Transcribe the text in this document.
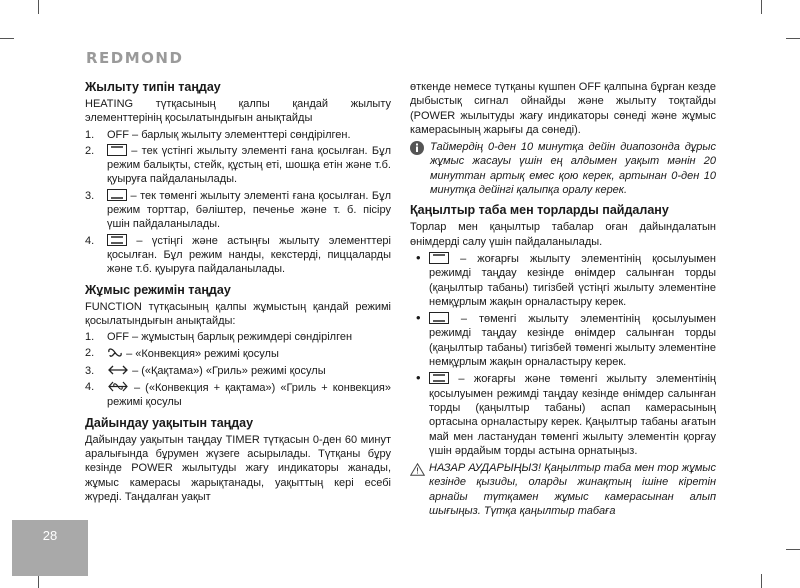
REDMOND
Жылыту типін таңдау

HEATING түтқасының қалпы қандай жылыту элементтерінің қосылатындығын анықтайды

1. OFF – барлық жылыту элементтері сөндірілген.
2.	– тек үстінгі жылыту элементі ғана қосылған. Бұл режим балықты, стейк, құстың еті, шошқа етін және т.б. қуыруға пайдаланылады.
3.	– тек төменгі жылыту элементі ғана қосылған. Бұл режим торттар, бәліштер, печенье және т. б. пісіру үшін пайдаланылады.
4.	– үстіңгі және астыңғы жылыту элементтері қосылған. Бұл режим нанды, кекстерді, пиццаларды және т.б. қуыруға пайдаланылады.
Жұмыс режимін таңдау

FUNCTION түтқасының қалпы жұмыстың қандай режимі қосылатындығын анықтайды:

1. OFF – жұмыстың барлық режимдері сөндірілген
2.	– «Конвекция» режимі қосулы
3.	– («Қақтама») «Гриль» режимі қосулы
4.	– («Конвекция + қақтама») «Гриль + конвекция» режимі қосулы
Дайындау уақытын таңдау

Дайындау уақытын таңдау TIMER түтқасын 0-ден 60 минут аралығында бұрумен жүзеге асырылады. Түтқаны бұру кезінде POWER жылытуды жағу индикаторы жанады, жұмыс камерасы жарықтанады, уақыттың кері есебі жүреді. Таңдалған уақыт

өткенде немесе түтқаны күшпен OFF қалпына бұрған кезде дыбыстық сигнал ойнайды және жылыту тоқтайды (POWER жылытуды жағу индикаторы сөнеді және жұмыс камерасының жарығы да сөнеді).

Таймердің 0-ден 10 минутқа дейін диапозонда дұрыс жұмыс жасауы үшін ең алдымен уақыт мәнін 20 минуттан артық емес қою керек, артынан 0-ден 10 минутқа дейінгі қалыпқа оралу керек.
Қаңылтыр таба мен торларды пайдалану

Торлар мен қаңылтыр табалар оған дайындалатын өнімдерді салу үшін пайдаланылады.

•	– жоғарғы жылыту элементінің қосылуымен режимді таңдау кезінде өнімдер салынған торды (қаңылтыр табаны) тигізбей үстіңгі жылыту элементіне немқұрлым жақын орналастыру керек.
•	– төменгі жылыту элементінің қосылуымен режимді таңдау кезінде өнімдер салынған торды (қаңылтыр табаны) тигізбей төменгі жылыту элементіне немқұрлым жақын орналастыру керек.
•	– жоғарғы және төменгі жылыту элементінің қосылуымен режимді таңдау кезінде өнімдер салынған торды (қаңылтыр табаны) аспап камерасының ортасына орналастыру керек. Қаңылтыр табаны ағатын май мен ластанудан төменгі жылыту элементін қорғау үшін әрдайым торды астына орнатыңыз.
НАЗАР АУДАРЫҢЫЗ! Қаңылтыр таба мен тор жұмыс кезінде қызиды, оларды жинақтың ішіне кіретін арнайы түтқамен жұмыс камерасынан алып шығыңыз. Түтқа қаңылтыр табаға
28
